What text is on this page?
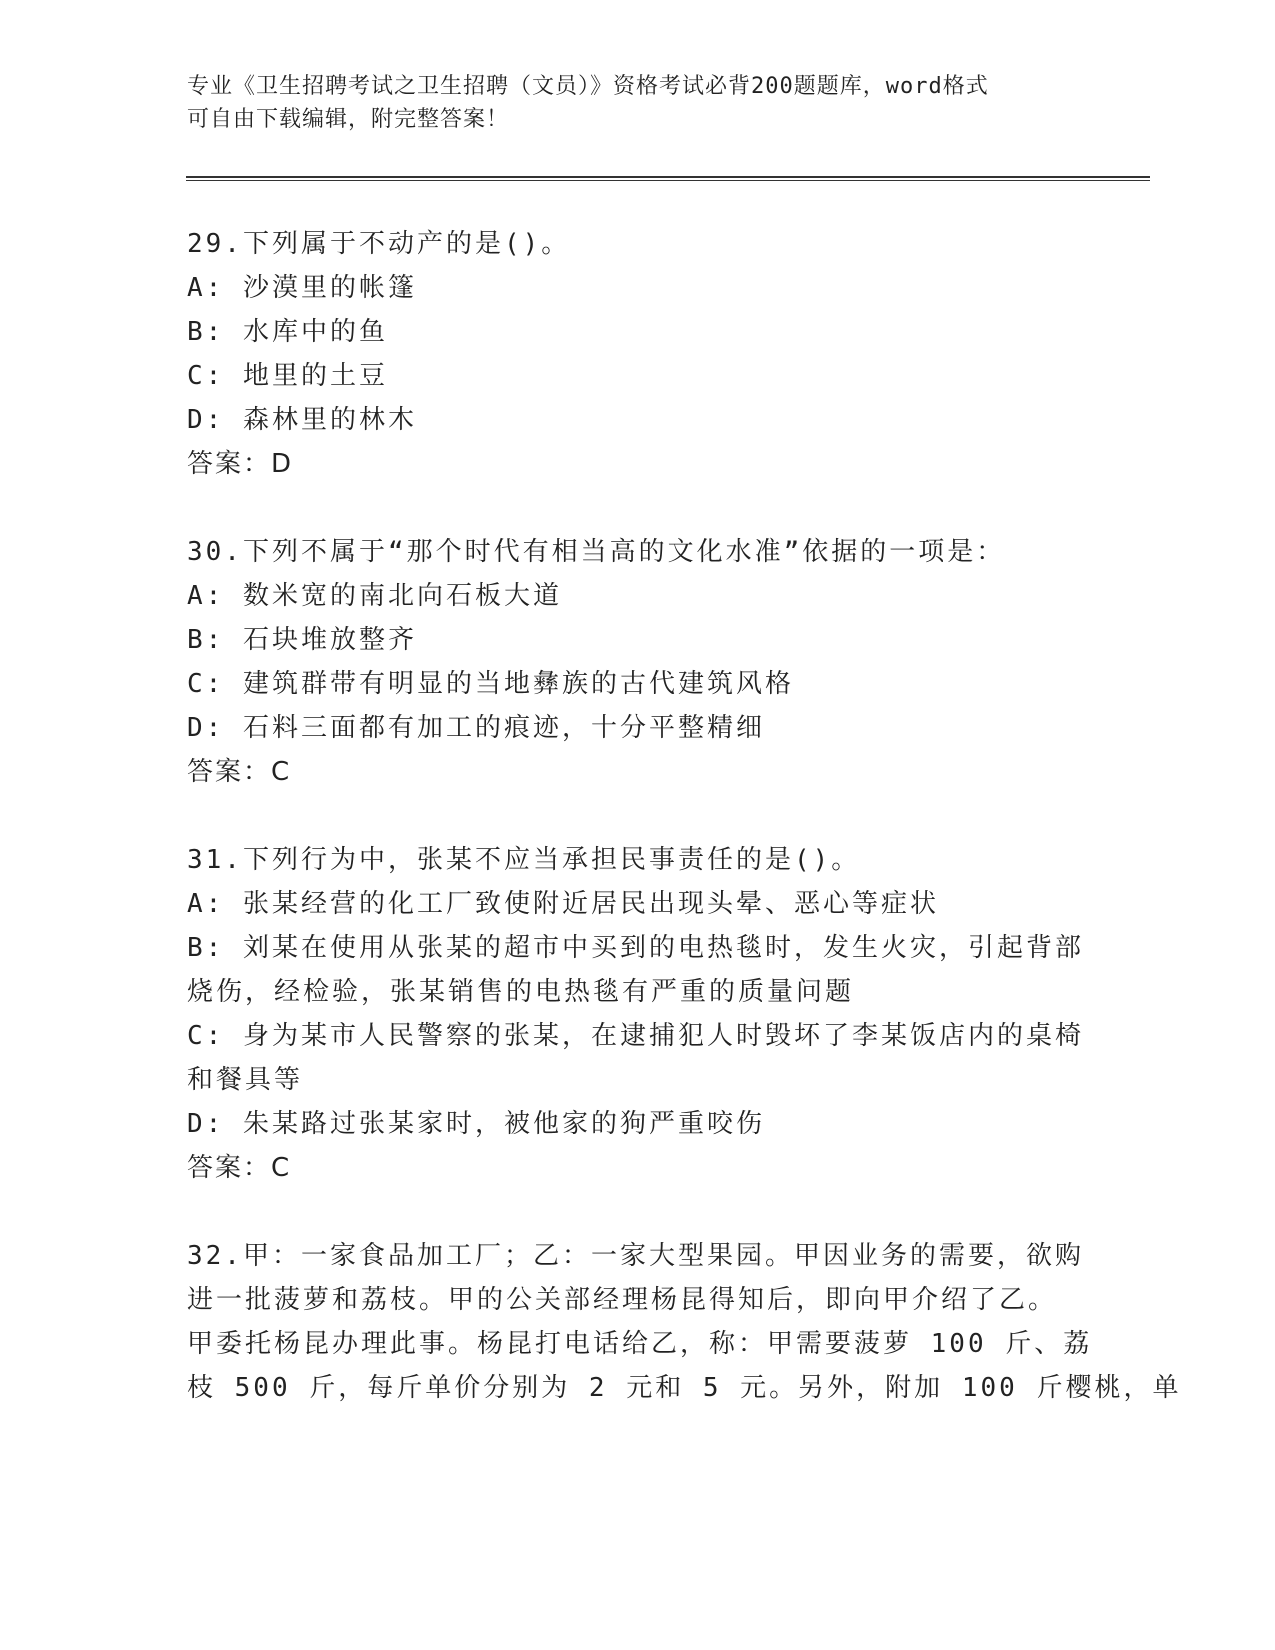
专业《卫生招聘考试之卫生招聘（文员）》资格考试必背200题题库，word格式
可自由下载编辑，附完整答案！
29.下列属于不动产的是()。
A: 沙漠里的帐篷
B: 水库中的鱼
C: 地里的土豆
D: 森林里的林木
答案：D
30.下列不属于“那个时代有相当高的文化水准”依据的一项是：
A: 数米宽的南北向石板大道
B: 石块堆放整齐
C: 建筑群带有明显的当地彝族的古代建筑风格
D: 石料三面都有加工的痕迹，十分平整精细
答案：C
31.下列行为中，张某不应当承担民事责任的是()。
A: 张某经营的化工厂致使附近居民出现头晕、恶心等症状
B: 刘某在使用从张某的超市中买到的电热毯时，发生火灾，引起背部
烧伤，经检验，张某销售的电热毯有严重的质量问题
C: 身为某市人民警察的张某，在逮捕犯人时毁坏了李某饭店内的桌椅
和餐具等
D: 朱某路过张某家时，被他家的狗严重咬伤
答案：C
32.甲：一家食品加工厂；乙：一家大型果园。甲因业务的需要，欲购
进一批菠萝和荔枝。甲的公关部经理杨昆得知后，即向甲介绍了乙。
甲委托杨昆办理此事。杨昆打电话给乙，称：甲需要菠萝 100 斤、荔
枝 500 斤，每斤单价分别为 2 元和 5 元。另外，附加 100 斤樱桃，单
